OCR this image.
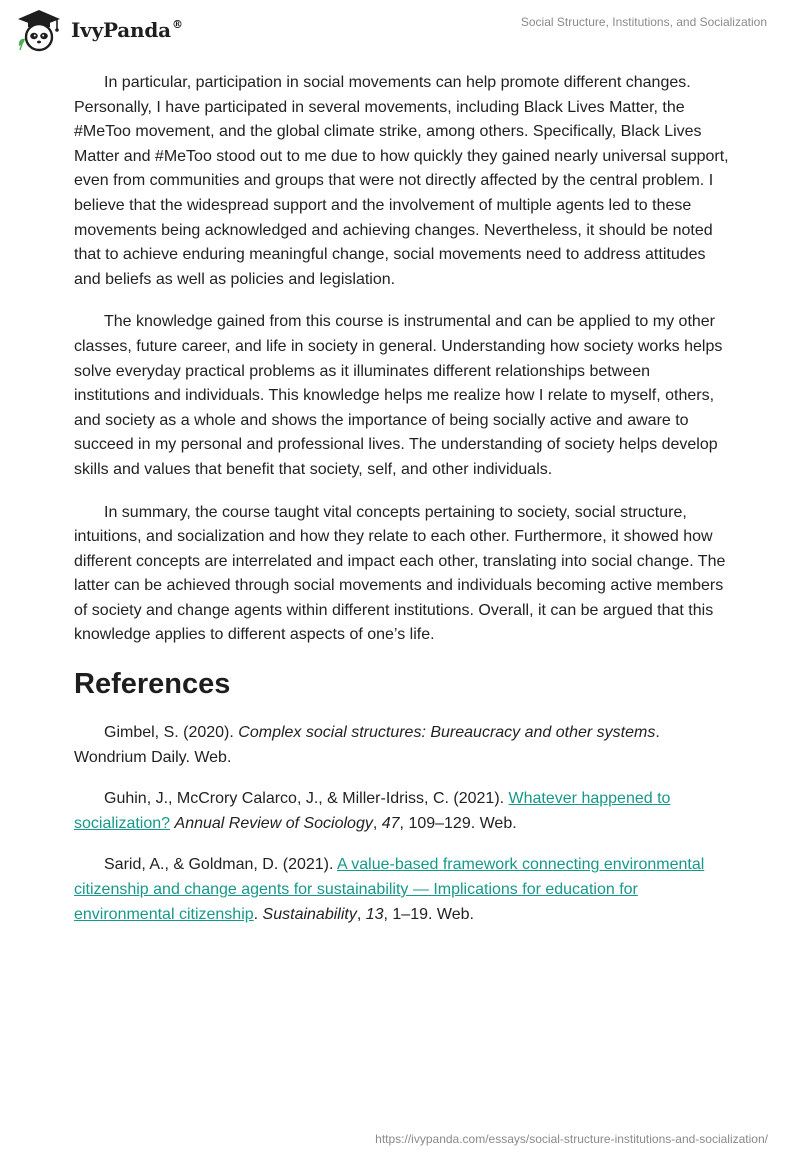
IvyPanda®	Social Structure, Institutions, and Socialization

In particular, participation in social movements can help promote different changes. Personally, I have participated in several movements, including Black Lives Matter, the #MeToo movement, and the global climate strike, among others. Specifically, Black Lives Matter and #MeToo stood out to me due to how quickly they gained nearly universal support, even from communities and groups that were not directly affected by the central problem. I believe that the widespread support and the involvement of multiple agents led to these movements being acknowledged and achieving changes. Nevertheless, it should be noted that to achieve enduring meaningful change, social movements need to address attitudes and beliefs as well as policies and legislation.

The knowledge gained from this course is instrumental and can be applied to my other classes, future career, and life in society in general. Understanding how society works helps solve everyday practical problems as it illuminates different relationships between institutions and individuals. This knowledge helps me realize how I relate to myself, others, and society as a whole and shows the importance of being socially active and aware to succeed in my personal and professional lives. The understanding of society helps develop skills and values that benefit that society, self, and other individuals.

In summary, the course taught vital concepts pertaining to society, social structure, intuitions, and socialization and how they relate to each other. Furthermore, it showed how different concepts are interrelated and impact each other, translating into social change. The latter can be achieved through social movements and individuals becoming active members of society and change agents within different institutions. Overall, it can be argued that this knowledge applies to different aspects of one’s life.

References

Gimbel, S. (2020). Complex social structures: Bureaucracy and other systems. Wondrium Daily. Web.

Guhin, J., McCrory Calarco, J., & Miller-Idriss, C. (2021). Whatever happened to socialization? Annual Review of Sociology, 47, 109–129. Web.

Sarid, A., & Goldman, D. (2021). A value-based framework connecting environmental citizenship and change agents for sustainability — Implications for education for environmental citizenship. Sustainability, 13, 1–19. Web.

https://ivypanda.com/essays/social-structure-institutions-and-socialization/
